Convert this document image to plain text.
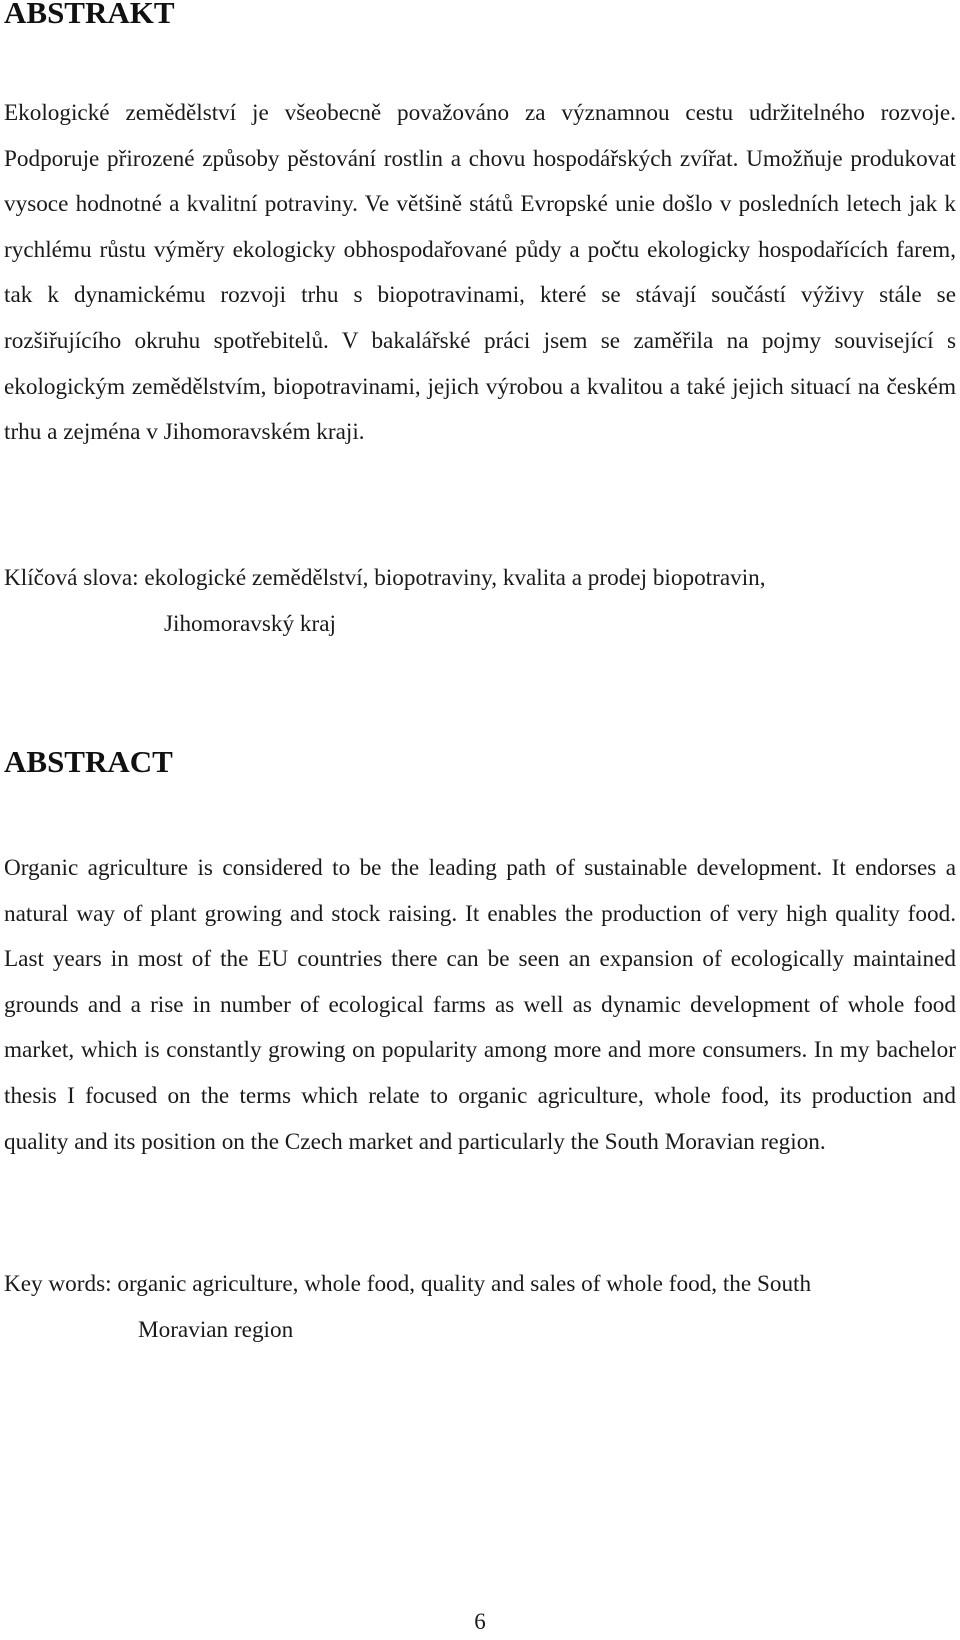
ABSTRAKT

Ekologické zemědělství je všeobecně považováno za významnou cestu udržitelného rozvoje. Podporuje přirozené způsoby pěstování rostlin a chovu hospodářských zvířat. Umožňuje produkovat vysoce hodnotné a kvalitní potraviny. Ve většině států Evropské unie došlo v posledních letech jak k rychlému růstu výměry ekologicky obhospodařované půdy a počtu ekologicky hospodařících farem, tak k dynamickému rozvoji trhu s biopotravinami, které se stávají součástí výživy stále se rozšiřujícího okruhu spotřebitelů. V bakalářské práci jsem se zaměřila na pojmy související s ekologickým zemědělstvím, biopotravinami, jejich výrobou a kvalitou a také jejich situací na českém trhu a zejména v Jihomoravském kraji.

Klíčová slova: ekologické zemědělství, biopotraviny, kvalita a prodej biopotravin,
Jihomoravský kraj
ABSTRACT

Organic agriculture is considered to be the leading path of sustainable development. It endorses a natural way of plant growing and stock raising. It enables the production of very high quality food. Last years in most of the EU countries there can be seen an expansion of ecologically maintained grounds and a rise in number of ecological farms as well as dynamic development of whole food market, which is constantly growing on popularity among more and more consumers. In my bachelor thesis I focused on the terms which relate to organic agriculture, whole food, its production and quality and its position on the Czech market and particularly the South Moravian region.

Key words: organic agriculture, whole food, quality and sales of whole food, the South
Moravian region
6
